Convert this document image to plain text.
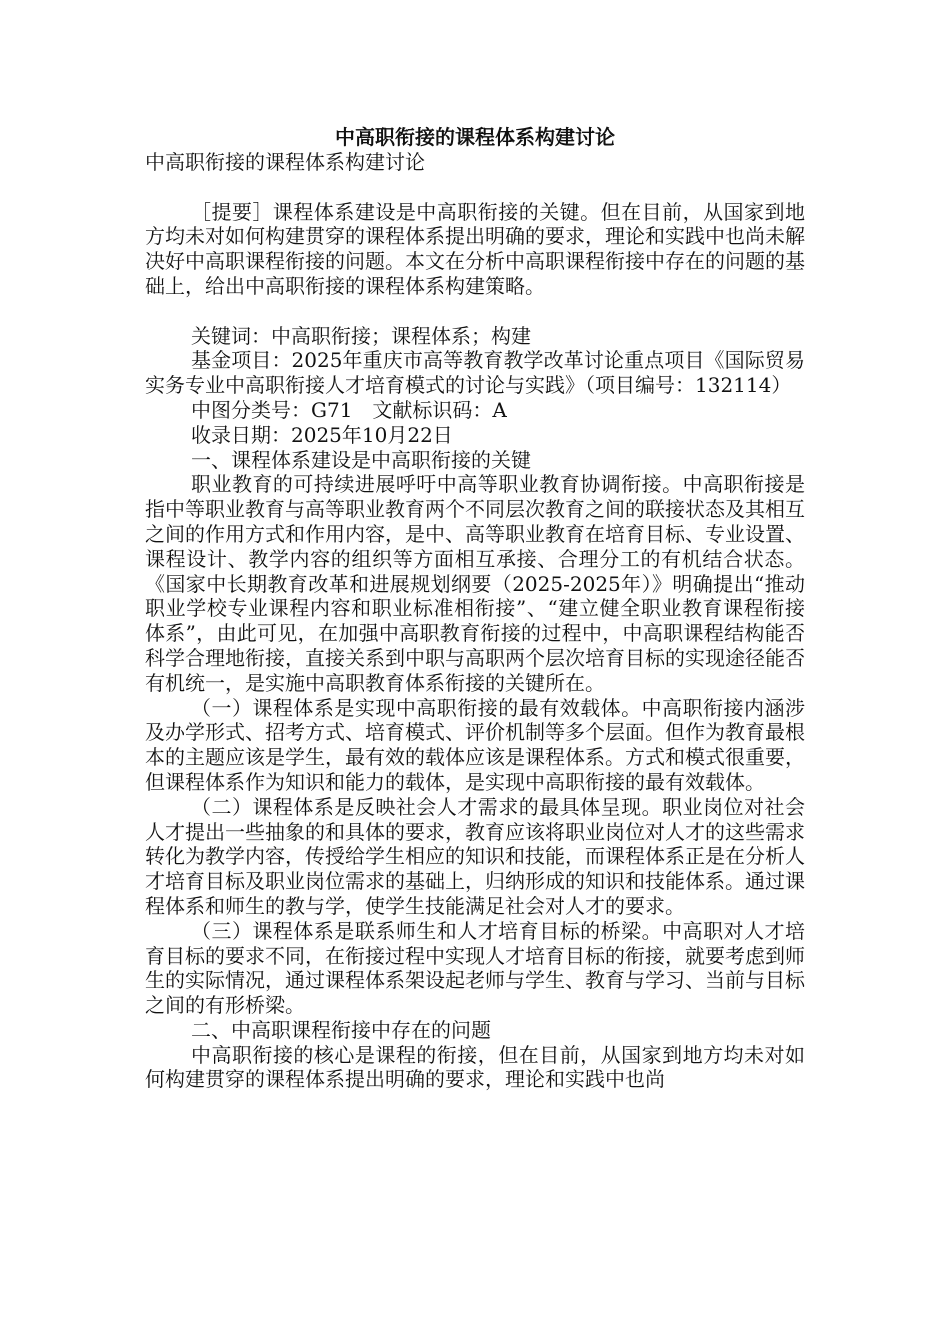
中高职衔接的课程体系构建讨论

中高职衔接的课程体系构建讨论

［提要］课程体系建设是中高职衔接的关键。但在目前，从国家到地方均未对如何构建贯穿的课程体系提出明确的要求，理论和实践中也尚未解决好中高职课程衔接的问题。本文在分析中高职课程衔接中存在的问题的基础上，给出中高职衔接的课程体系构建策略。

关键词：中高职衔接；课程体系；构建

基金项目：2025年重庆市高等教育教学改革讨论重点项目《国际贸易实务专业中高职衔接人才培育模式的讨论与实践》（项目编号：132114）

中图分类号：G71　文献标识码：A

收录日期：2025年10月22日

一、课程体系建设是中高职衔接的关键

职业教育的可持续进展呼吁中高等职业教育协调衔接。中高职衔接是指中等职业教育与高等职业教育两个不同层次教育之间的联接状态及其相互之间的作用方式和作用内容，是中、高等职业教育在培育目标、专业设置、课程设计、教学内容的组织等方面相互承接、合理分工的有机结合状态。《国家中长期教育改革和进展规划纲要（2025-2025年）》明确提出“推动职业学校专业课程内容和职业标准相衔接”、“建立健全职业教育课程衔接体系”，由此可见，在加强中高职教育衔接的过程中，中高职课程结构能否科学合理地衔接，直接关系到中职与高职两个层次培育目标的实现途径能否有机统一，是实施中高职教育体系衔接的关键所在。

（一）课程体系是实现中高职衔接的最有效载体。中高职衔接内涵涉及办学形式、招考方式、培育模式、评价机制等多个层面。但作为教育最根本的主题应该是学生，最有效的载体应该是课程体系。方式和模式很重要，但课程体系作为知识和能力的载体，是实现中高职衔接的最有效载体。

（二）课程体系是反映社会人才需求的最具体呈现。职业岗位对社会人才提出一些抽象的和具体的要求，教育应该将职业岗位对人才的这些需求转化为教学内容，传授给学生相应的知识和技能，而课程体系正是在分析人才培育目标及职业岗位需求的基础上，归纳形成的知识和技能体系。通过课程体系和师生的教与学，使学生技能满足社会对人才的要求。

（三）课程体系是联系师生和人才培育目标的桥梁。中高职对人才培育目标的要求不同，在衔接过程中实现人才培育目标的衔接，就要考虑到师生的实际情况，通过课程体系架设起老师与学生、教育与学习、当前与目标之间的有形桥梁。

二、中高职课程衔接中存在的问题

中高职衔接的核心是课程的衔接，但在目前，从国家到地方均未对如何构建贯穿的课程体系提出明确的要求，理论和实践中也尚
